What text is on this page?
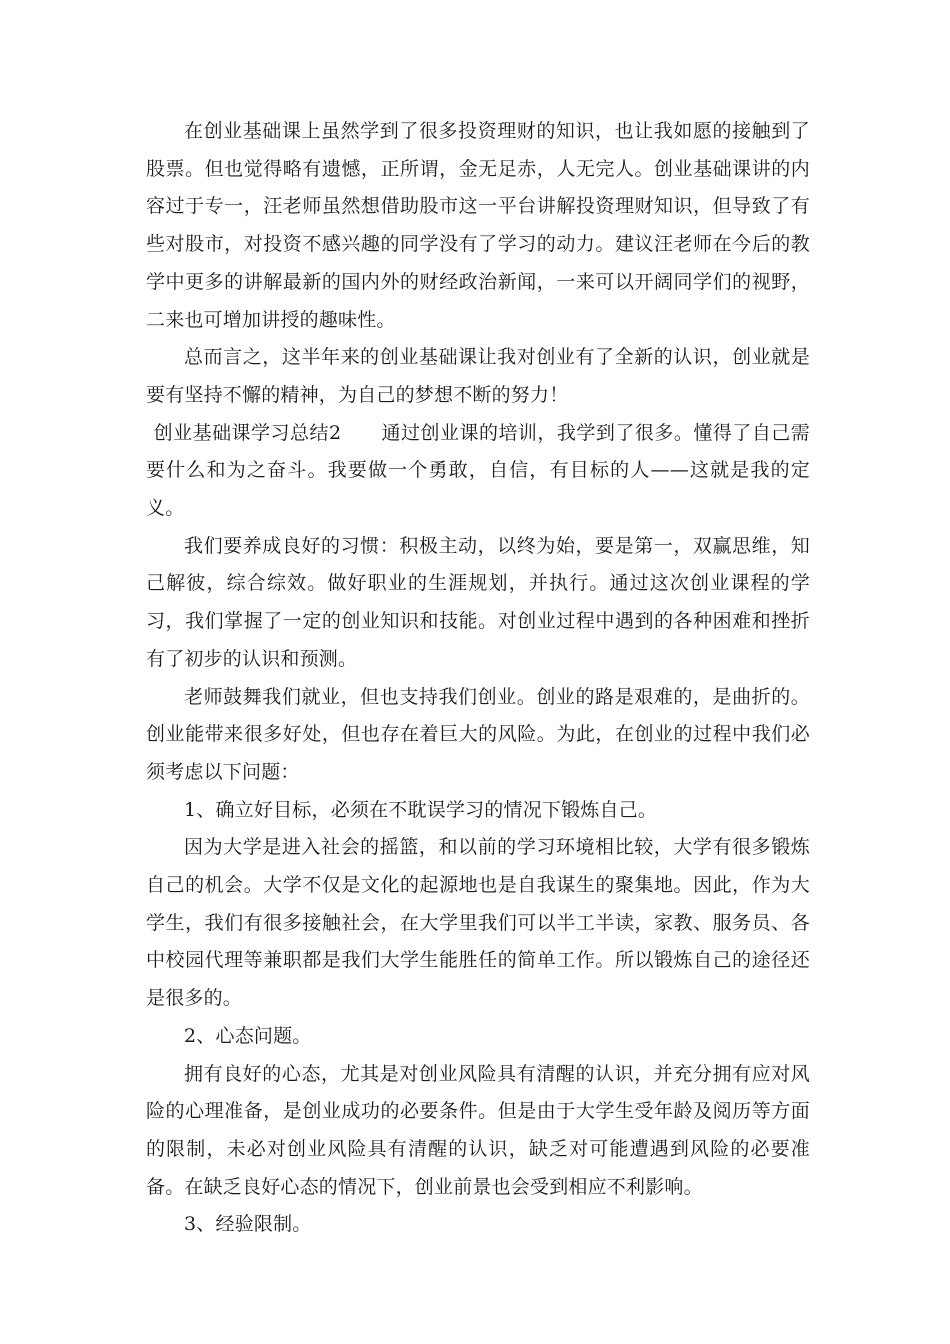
在创业基础课上虽然学到了很多投资理财的知识，也让我如愿的接触到了股票。但也觉得略有遗憾，正所谓，金无足赤，人无完人。创业基础课讲的内容过于专一，汪老师虽然想借助股市这一平台讲解投资理财知识，但导致了有些对股市，对投资不感兴趣的同学没有了学习的动力。建议汪老师在今后的教学中更多的讲解最新的国内外的财经政治新闻，一来可以开阔同学们的视野，二来也可增加讲授的趣味性。

总而言之，这半年来的创业基础课让我对创业有了全新的认识，创业就是要有坚持不懈的精神，为自己的梦想不断的努力！

创业基础课学习总结2 通过创业课的培训，我学到了很多。懂得了自己需要什么和为之奋斗。我要做一个勇敢，自信，有目标的人——这就是我的定义。

我们要养成良好的习惯：积极主动，以终为始，要是第一，双赢思维，知己解彼，综合综效。做好职业的生涯规划，并执行。通过这次创业课程的学习，我们掌握了一定的创业知识和技能。对创业过程中遇到的各种困难和挫折有了初步的认识和预测。

老师鼓舞我们就业，但也支持我们创业。创业的路是艰难的，是曲折的。创业能带来很多好处，但也存在着巨大的风险。为此，在创业的过程中我们必须考虑以下问题：

1、确立好目标，必须在不耽误学习的情况下锻炼自己。

因为大学是进入社会的摇篮，和以前的学习环境相比较，大学有很多锻炼自己的机会。大学不仅是文化的起源地也是自我谋生的聚集地。因此，作为大学生，我们有很多接触社会，在大学里我们可以半工半读，家教、服务员、各中校园代理等兼职都是我们大学生能胜任的简单工作。所以锻炼自己的途径还是很多的。

2、心态问题。

拥有良好的心态，尤其是对创业风险具有清醒的认识，并充分拥有应对风险的心理准备，是创业成功的必要条件。但是由于大学生受年龄及阅历等方面的限制，未必对创业风险具有清醒的认识，缺乏对可能遭遇到风险的必要准备。在缺乏良好心态的情况下，创业前景也会受到相应不利影响。

3、经验限制。
